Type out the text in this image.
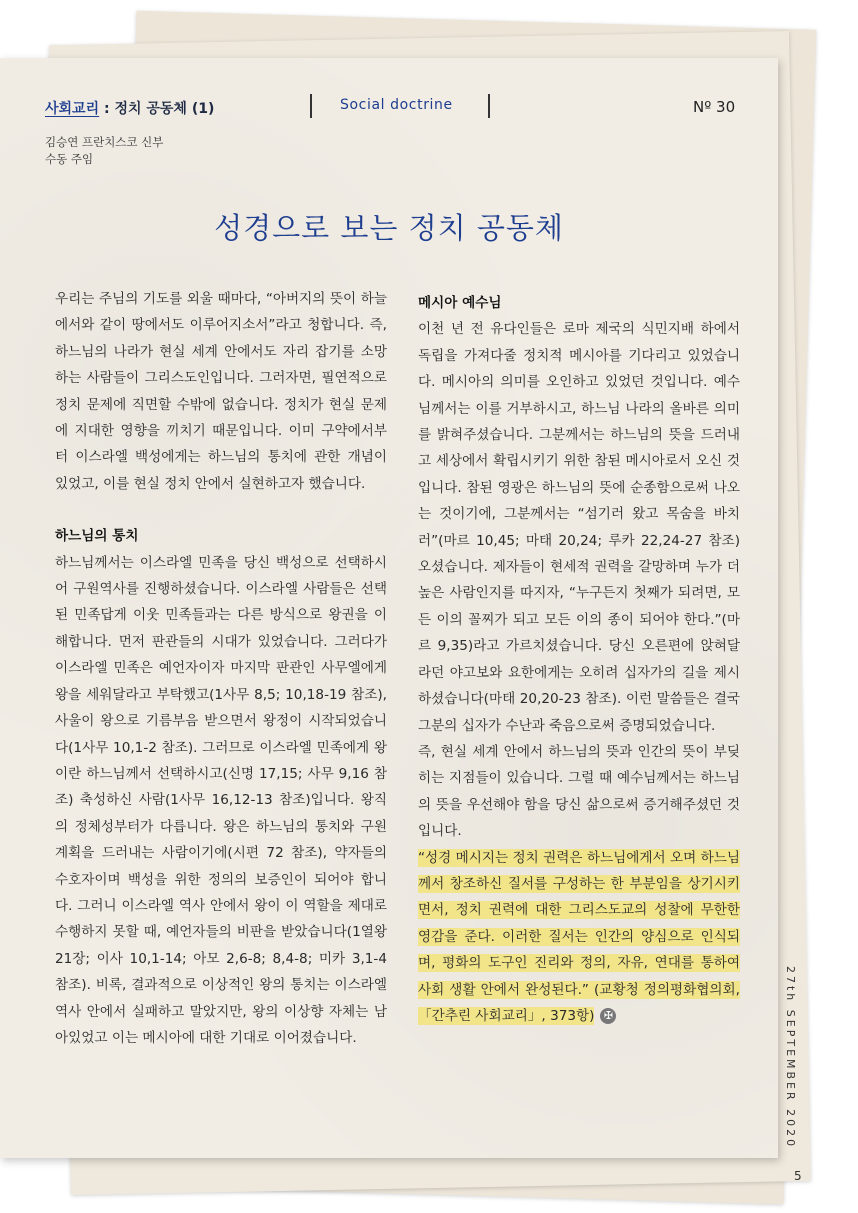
사회교리 : 정치 공동체 (1)	Social doctrine	Nº 30
김승연 프란치스코 신부
수동 주임
성경으로 보는 정치 공동체

우리는 주님의 기도를 외울 때마다, “아버지의 뜻이 하늘에서와 같이 땅에서도 이루어지소서”라고 청합니다. 즉, 하느님의 나라가 현실 세계 안에서도 자리 잡기를 소망하는 사람들이 그리스도인입니다. 그러자면, 필연적으로 정치 문제에 직면할 수밖에 없습니다. 정치가 현실 문제에 지대한 영향을 끼치기 때문입니다. 이미 구약에서부터 이스라엘 백성에게는 하느님의 통치에 관한 개념이 있었고, 이를 현실 정치 안에서 실현하고자 했습니다.

하느님의 통치

하느님께서는 이스라엘 민족을 당신 백성으로 선택하시어 구원역사를 진행하셨습니다. 이스라엘 사람들은 선택된 민족답게 이웃 민족들과는 다른 방식으로 왕권을 이해합니다. 먼저 판관들의 시대가 있었습니다. 그러다가 이스라엘 민족은 예언자이자 마지막 판관인 사무엘에게 왕을 세워달라고 부탁했고(1사무 8,5; 10,18-19 참조), 사울이 왕으로 기름부음 받으면서 왕정이 시작되었습니다(1사무 10,1-2 참조). 그러므로 이스라엘 민족에게 왕이란 하느님께서 선택하시고(신명 17,15; 사무 9,16 참조) 축성하신 사람(1사무 16,12-13 참조)입니다. 왕직의 정체성부터가 다릅니다. 왕은 하느님의 통치와 구원계획을 드러내는 사람이기에(시편 72 참조), 약자들의 수호자이며 백성을 위한 정의의 보증인이 되어야 합니다. 그러니 이스라엘 역사 안에서 왕이 이 역할을 제대로 수행하지 못할 때, 예언자들의 비판을 받았습니다(1열왕 21장; 이사 10,1-14; 아모 2,6-8; 8,4-8; 미카 3,1-4 참조). 비록, 결과적으로 이상적인 왕의 통치는 이스라엘 역사 안에서 실패하고 말았지만, 왕의 이상향 자체는 남아있었고 이는 메시아에 대한 기대로 이어졌습니다.

메시아 예수님

이천 년 전 유다인들은 로마 제국의 식민지배 하에서 독립을 가져다줄 정치적 메시아를 기다리고 있었습니다. 메시아의 의미를 오인하고 있었던 것입니다. 예수님께서는 이를 거부하시고, 하느님 나라의 올바른 의미를 밝혀주셨습니다. 그분께서는 하느님의 뜻을 드러내고 세상에서 확립시키기 위한 참된 메시아로서 오신 것입니다. 참된 영광은 하느님의 뜻에 순종함으로써 나오는 것이기에, 그분께서는 “섬기러 왔고 목숨을 바치러”(마르 10,45; 마태 20,24; 루카 22,24-27 참조) 오셨습니다. 제자들이 현세적 권력을 갈망하며 누가 더 높은 사람인지를 따지자, “누구든지 첫째가 되려면, 모든 이의 꼴찌가 되고 모든 이의 종이 되어야 한다.”(마르 9,35)라고 가르치셨습니다. 당신 오른편에 앉혀달라던 야고보와 요한에게는 오히려 십자가의 길을 제시하셨습니다(마태 20,20-23 참조). 이런 말씀들은 결국 그분의 십자가 수난과 죽음으로써 증명되었습니다.

즉, 현실 세계 안에서 하느님의 뜻과 인간의 뜻이 부딪히는 지점들이 있습니다. 그럴 때 예수님께서는 하느님의 뜻을 우선해야 함을 당신 삶으로써 증거해주셨던 것입니다.

“성경 메시지는 정치 권력은 하느님에게서 오며 하느님께서 창조하신 질서를 구성하는 한 부분임을 상기시키면서, 정치 권력에 대한 그리스도교의 성찰에 무한한 영감을 준다. 이러한 질서는 인간의 양심으로 인식되며, 평화의 도구인 진리와 정의, 자유, 연대를 통하여 사회 생활 안에서 완성된다.” (교황청 정의평화협의회, 「간추린 사회교리」, 373항) ✠	27th SEPTEMBER 2020
5
